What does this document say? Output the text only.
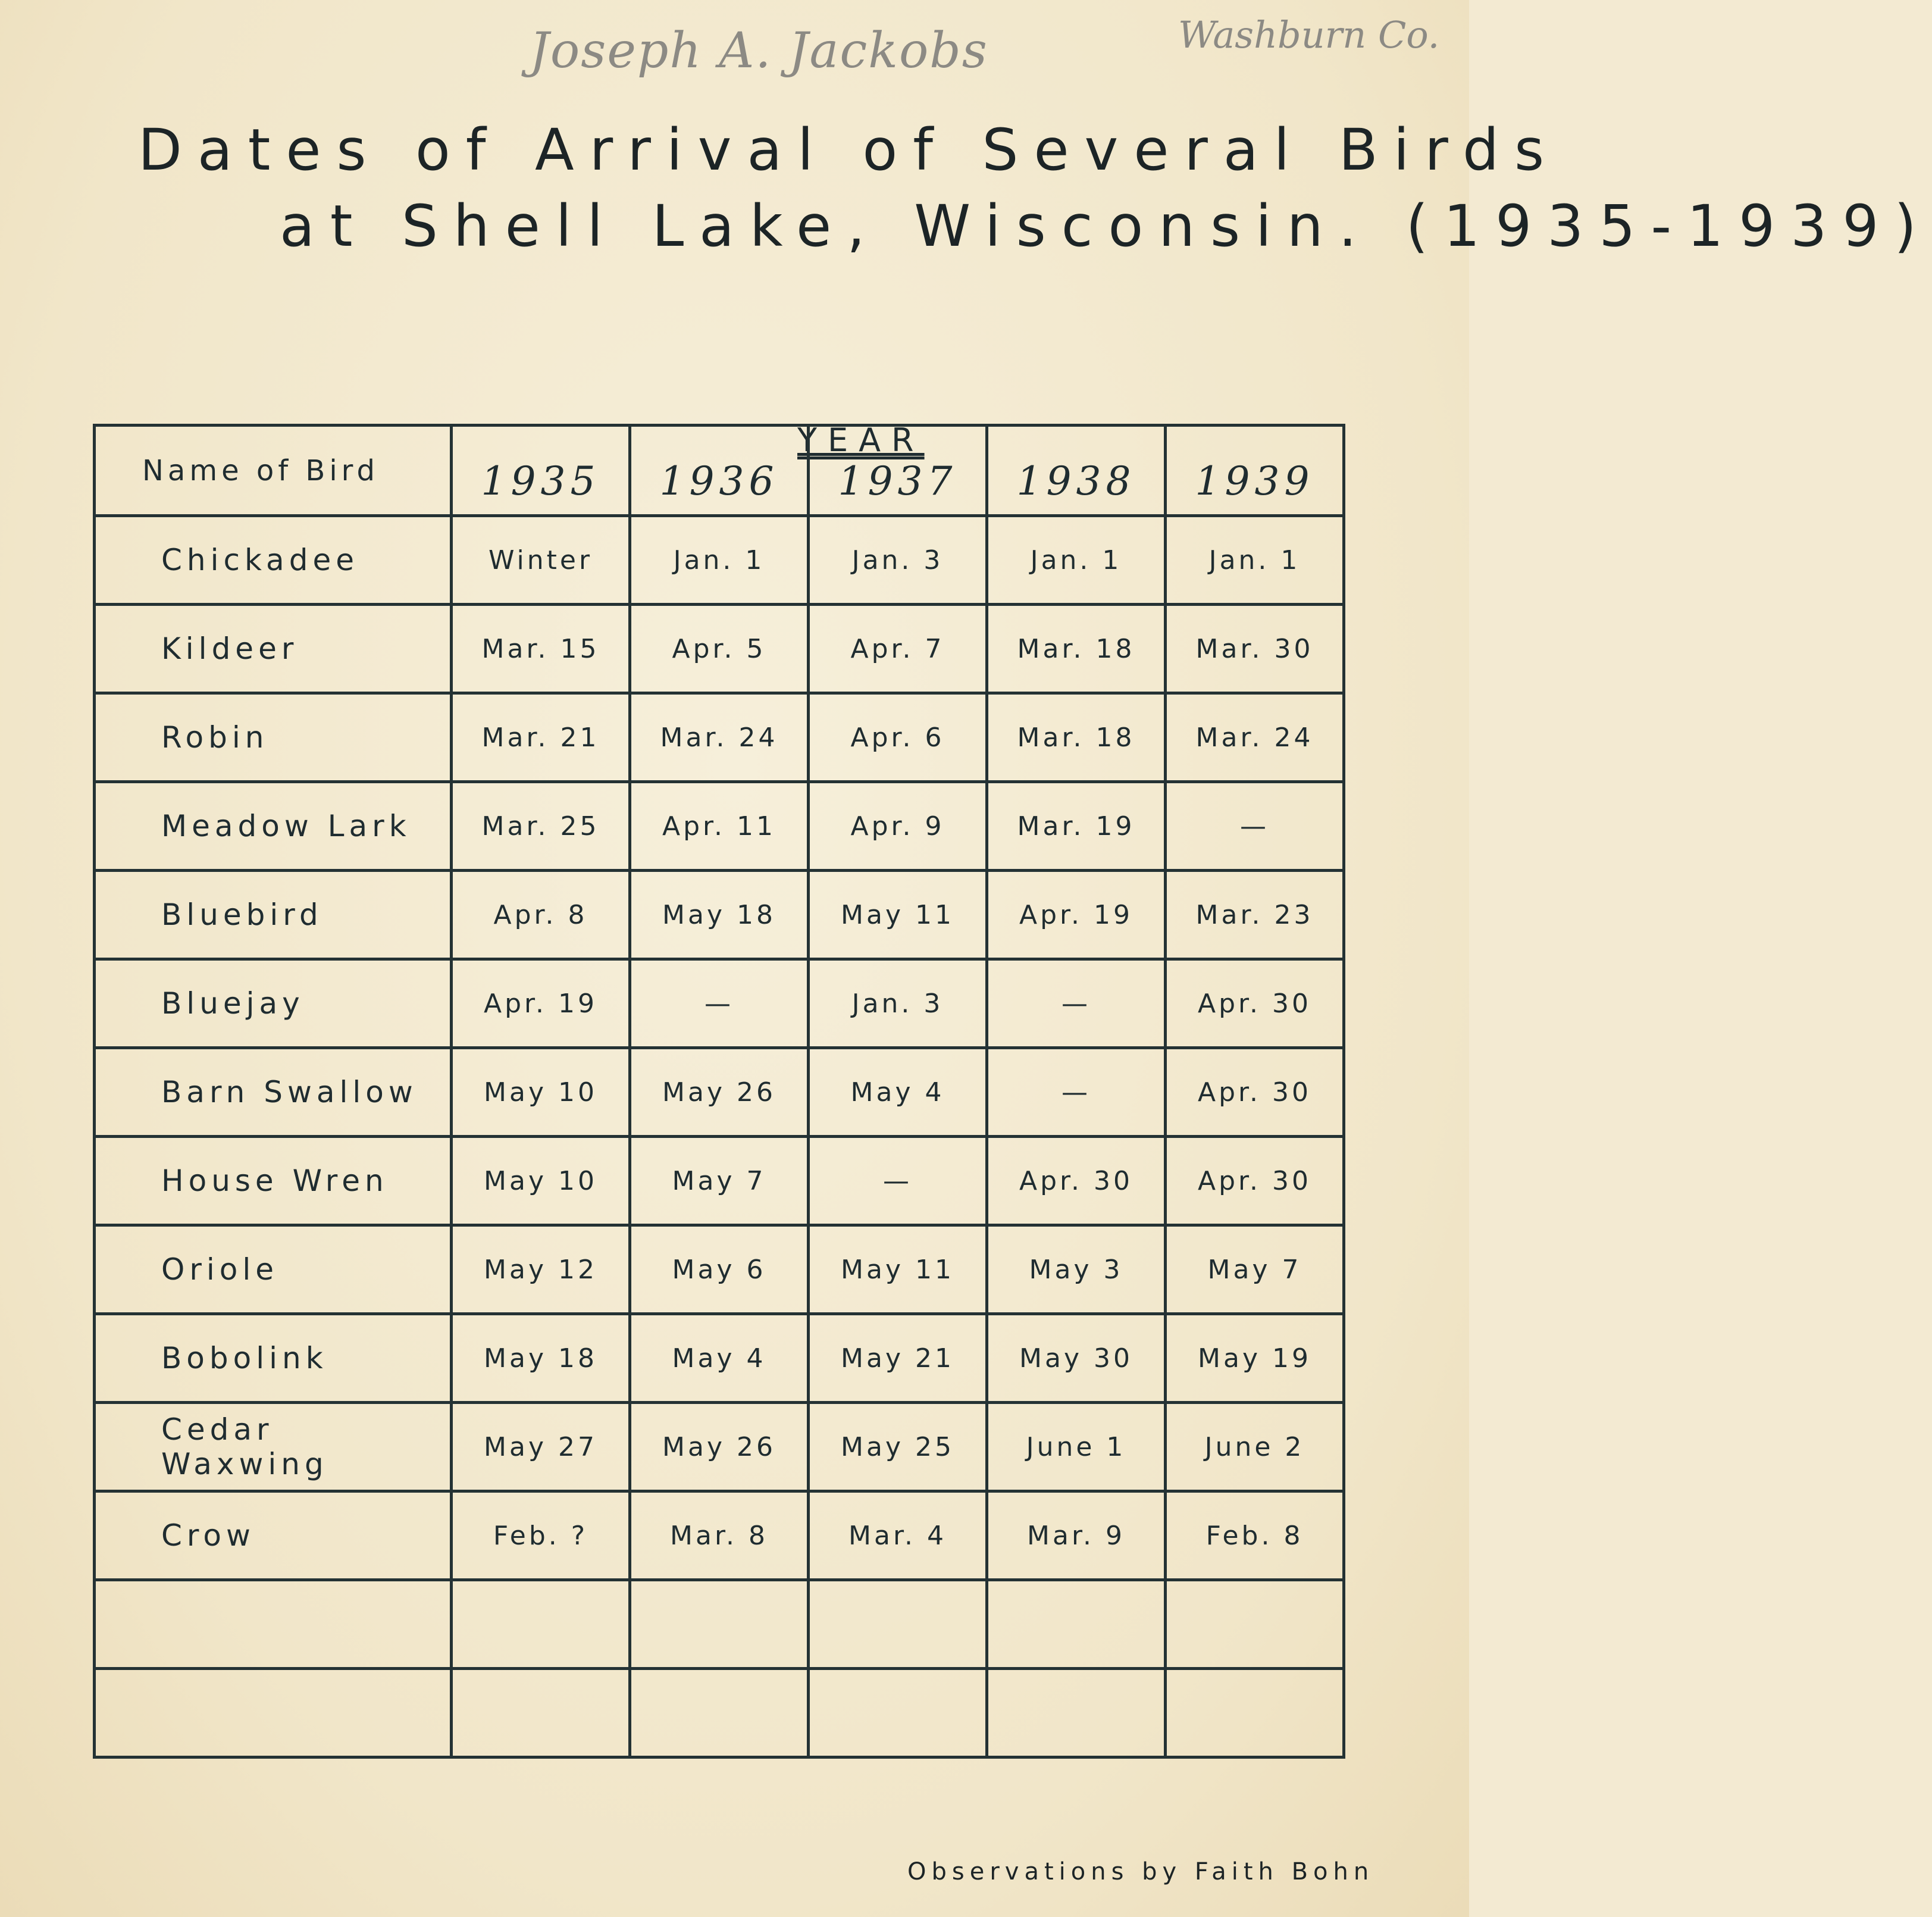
Joseph A. Jackobs	Washburn Co.
Dates of Arrival of Several Birds
at Shell Lake, Wisconsin. (1935-1939)
YEAR
Name of Bird	1935	1936	1937	1938	1939

Chickadee	Winter	Jan. 1	Jan. 3	Jan. 1	Jan. 1

Kildeer	Mar. 15	Apr. 5	Apr. 7	Mar. 18	Mar. 30

Robin	Mar. 21	Mar. 24	Apr. 6	Mar. 18	Mar. 24

Meadow Lark	Mar. 25	Apr. 11	Apr. 9	Mar. 19	—

Bluebird	Apr. 8	May 18	May 11	Apr. 19	Mar. 23

Bluejay	Apr. 19	—	Jan. 3	—	Apr. 30

Barn Swallow	May 10	May 26	May 4	—	Apr. 30

House Wren	May 10	May 7	—	Apr. 30	Apr. 30

Oriole	May 12	May 6	May 11	May 3	May 7

Bobolink	May 18	May 4	May 21	May 30	May 19

Cedar Waxwing	May 27	May 26	May 25	June 1	June 2

Crow	Feb. ?	Mar. 8	Mar. 4	Mar. 9	Feb. 8

Observations by Faith Bohn
